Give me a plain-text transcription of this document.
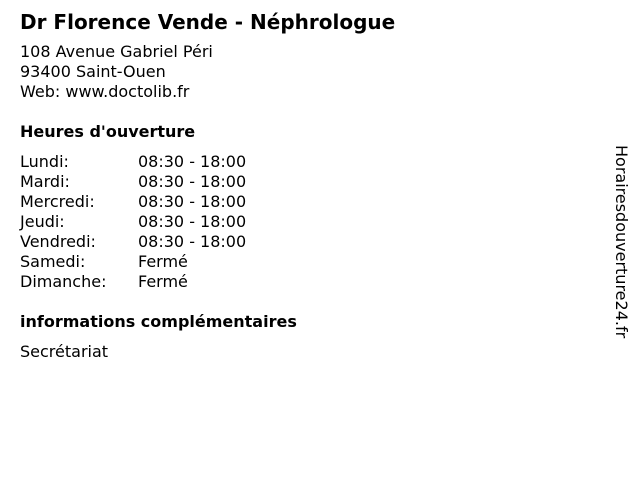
Dr Florence Vende - Néphrologue
108 Avenue Gabriel Péri
93400 Saint-Ouen
Web: www.doctolib.fr
Heures d'ouverture
Lundi:	08:30 - 18:00
Mardi:	08:30 - 18:00
Mercredi:	08:30 - 18:00
Jeudi:	08:30 - 18:00
Vendredi:	08:30 - 18:00
Samedi:	Fermé
Dimanche:	Fermé
informations complémentaires
Secrétariat
Horairesdouverture24.fr
